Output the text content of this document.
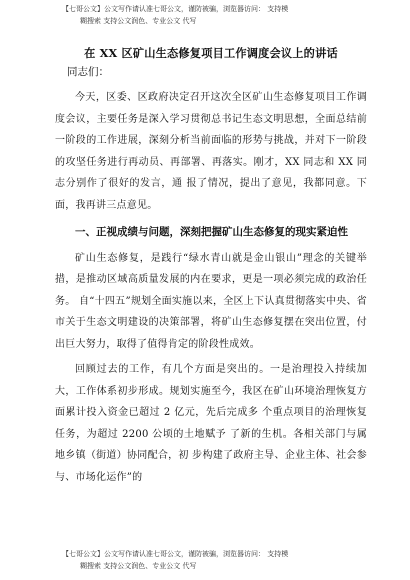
【七哥公文】公文写作请认准七哥公文，谨防被骗，浏览器访问： 支持模
糊搜索 支持公文润色、专业公文 代写
在 XX 区矿山生态修复项目工作调度会议上的讲话
同志们：

今天，区委、区政府决定召开这次全区矿山生态修复项目工作调度会议，主要任务是深入学习贯彻总书记生态文明思想，全面总结前一阶段的工作进展，深刻分析当前面临的形势与挑战，并对下一阶段的攻坚任务进行再动员、再部署、再落实。刚才，XX 同志和 XX 同志分别作了很好的发言，通 报了情况，提出了意见，我都同意。下面，我再讲三点意见。

一、正视成绩与问题，深刻把握矿山生态修复的现实紧迫性

矿山生态修复，是践行“绿水青山就是金山银山”理念的关键举措，是推动区域高质量发展的内在要求，更是一项必须完成的政治任务。 自“十四五”规划全面实施以来，全区上下认真贯彻落实中央、省市关于生态文明建设的决策部署，将矿山生态修复摆在突出位置，付出巨大努力，取得了值得肯定的阶段性成效。

回顾过去的工作，有几个方面是突出的。一是治理投入持续加大，工作体系初步形成。规划实施至今，我区在矿山环境治理恢复方面累计投入资金已超过 2 亿元，先后完成多 个重点项目的治理恢复任务，为超过 2200 公顷的土地赋予 了新的生机。各相关部门与属地乡镇（街道）协同配合，初 步构建了政府主导、企业主体、社会参与、市场化运作”的

【七哥公文】公文写作请认准七哥公文，谨防被骗，浏览器访问： 支持模
糊搜索 支持公文润色、专业公文 代写
